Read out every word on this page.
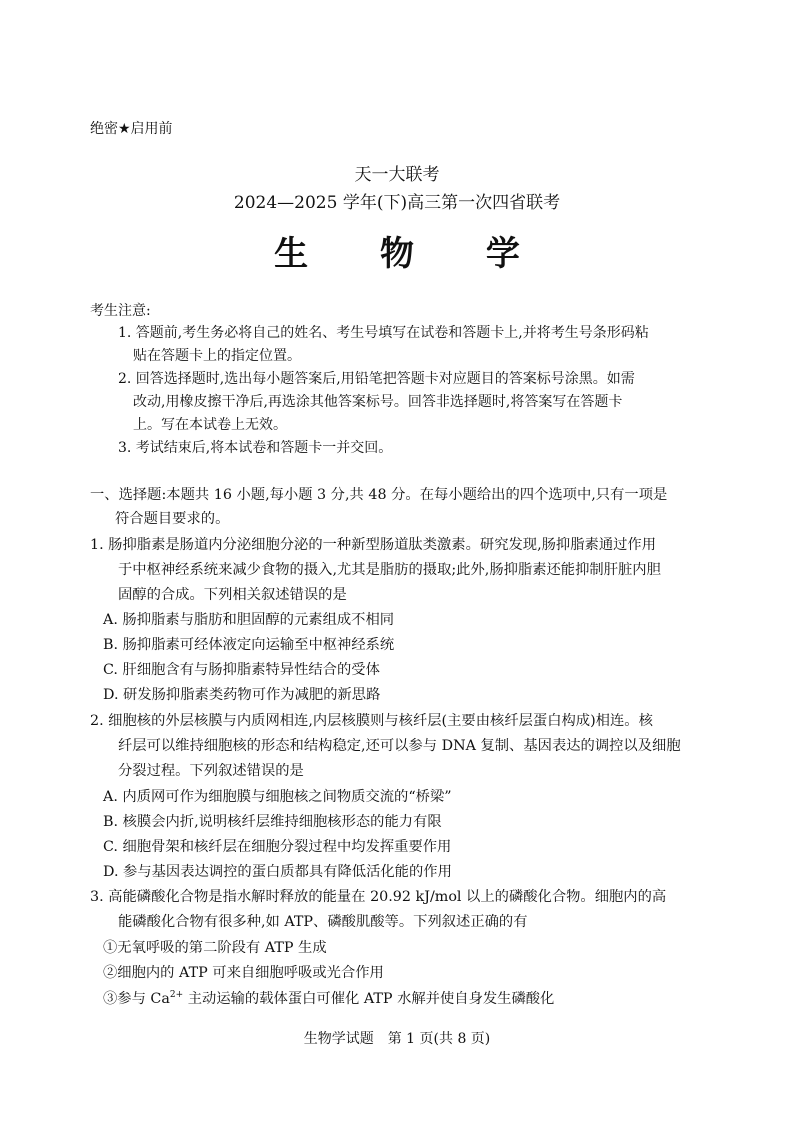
绝密★启用前
天一大联考
2024—2025 学年(下)高三第一次四省联考
生 物 学
考生注意:
1. 答题前,考生务必将自己的姓名、考生号填写在试卷和答题卡上,并将考生号条形码粘
贴在答题卡上的指定位置。
2. 回答选择题时,选出每小题答案后,用铅笔把答题卡对应题目的答案标号涂黑。如需
改动,用橡皮擦干净后,再选涂其他答案标号。回答非选择题时,将答案写在答题卡
上。写在本试卷上无效。
3. 考试结束后,将本试卷和答题卡一并交回。
一、选择题:本题共 16 小题,每小题 3 分,共 48 分。在每小题给出的四个选项中,只有一项是
符合题目要求的。
1. 肠抑脂素是肠道内分泌细胞分泌的一种新型肠道肽类激素。研究发现,肠抑脂素通过作用
于中枢神经系统来减少食物的摄入,尤其是脂肪的摄取;此外,肠抑脂素还能抑制肝脏内胆
固醇的合成。下列相关叙述错误的是
A. 肠抑脂素与脂肪和胆固醇的元素组成不相同
B. 肠抑脂素可经体液定向运输至中枢神经系统
C. 肝细胞含有与肠抑脂素特异性结合的受体
D. 研发肠抑脂素类药物可作为减肥的新思路
2. 细胞核的外层核膜与内质网相连,内层核膜则与核纤层(主要由核纤层蛋白构成)相连。核
纤层可以维持细胞核的形态和结构稳定,还可以参与 DNA 复制、基因表达的调控以及细胞
分裂过程。下列叙述错误的是
A. 内质网可作为细胞膜与细胞核之间物质交流的“桥梁”
B. 核膜会内折,说明核纤层维持细胞核形态的能力有限
C. 细胞骨架和核纤层在细胞分裂过程中均发挥重要作用
D. 参与基因表达调控的蛋白质都具有降低活化能的作用
3. 高能磷酸化合物是指水解时释放的能量在 20.92 kJ/mol 以上的磷酸化合物。细胞内的高
能磷酸化合物有很多种,如 ATP、磷酸肌酸等。下列叙述正确的有
①无氧呼吸的第二阶段有 ATP 生成
②细胞内的 ATP 可来自细胞呼吸或光合作用
③参与 $Ca^{2+}$ 主动运输的载体蛋白可催化 ATP 水解并使自身发生磷酸化
生物学试题　第 1 页(共 8 页)
